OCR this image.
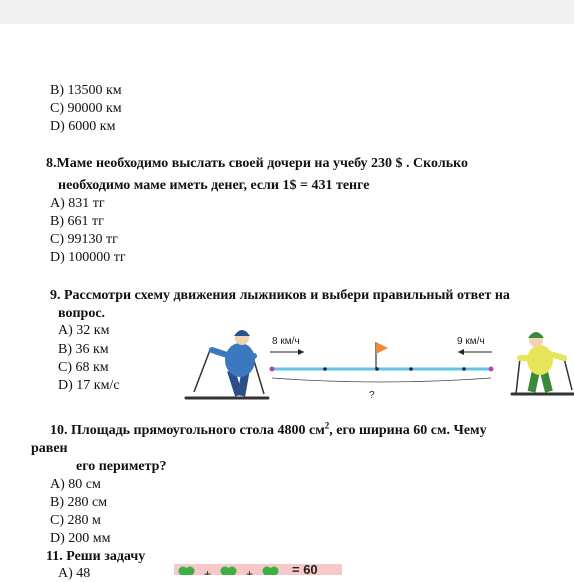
B) 13500 км
C) 90000 км
D) 6000 км
8.Маме необходимо выслать своей дочери на учебу 230 $ . Сколько
необходимо маме иметь денег, если 1$ = 431 тенге
A) 831 тг
B) 661 тг
C) 99130 тг
D) 100000 тг
9. Рассмотри схему движения лыжников и выбери правильный ответ на
вопрос.
A) 32 км
B) 36 км
C) 68 км
D) 17 км/с
8 км/ч	9 км/ч
?
10. Площадь прямоугольного стола 4800 $см^2$, его ширина 60 см. Чему
равен
его периметр?
A) 80 см
B) 280 см
C) 280 м
D) 200 мм
11. Реши задачу
A) 48	+	+	= 60
